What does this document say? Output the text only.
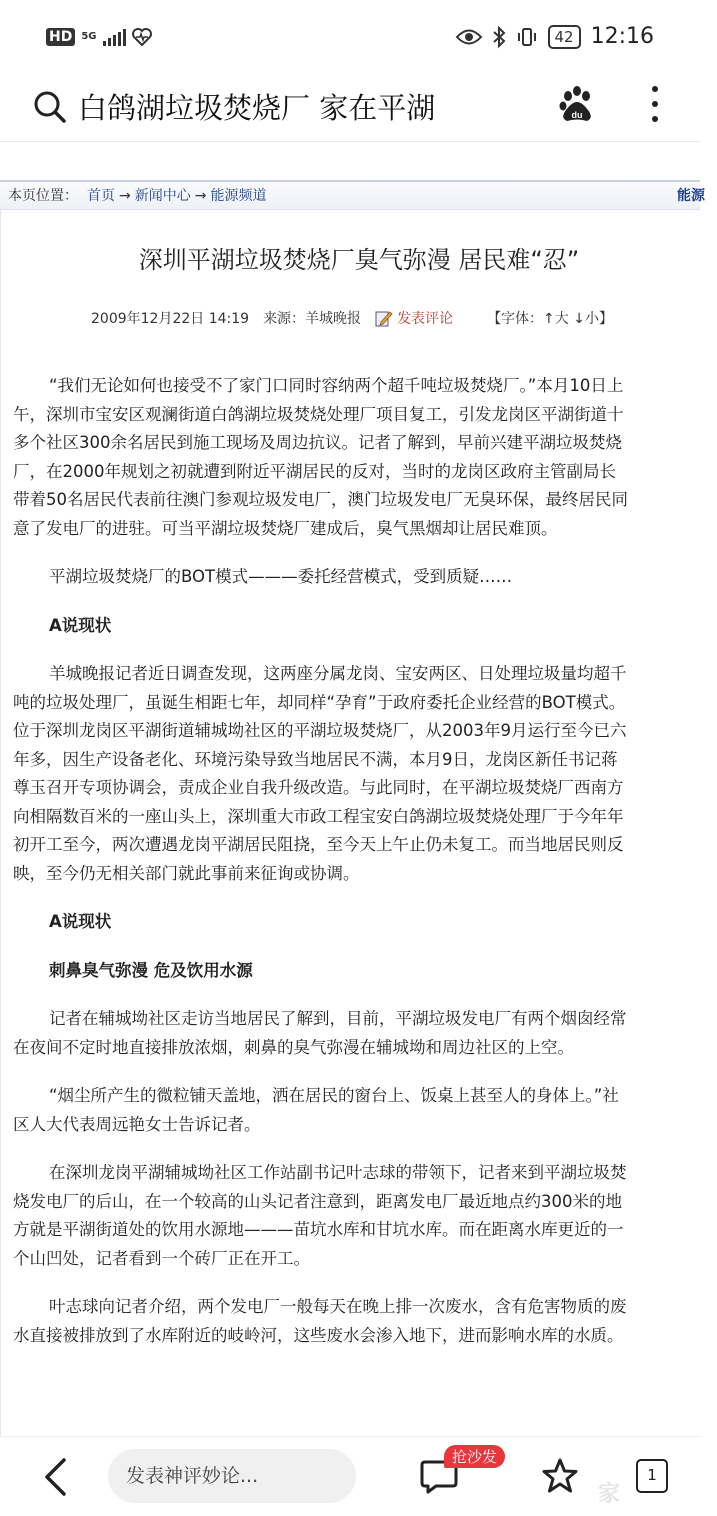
HD 5G	42 12:16
白鸽湖垃圾焚烧厂 家在平湖	du
本页位置： 首页 → 新闻中心 → 能源频道	能源
深圳平湖垃圾焚烧厂臭气弥漫 居民难“忍”
2009年12月22日 14:19 来源：羊城晚报	发表评论 【字体：↑大 ↓小】

“我们无论如何也接受不了家门口同时容纳两个超千吨垃圾焚烧厂。”本月10日上
午，深圳市宝安区观澜街道白鸽湖垃圾焚烧处理厂项目复工，引发龙岗区平湖街道十
多个社区300余名居民到施工现场及周边抗议。记者了解到，早前兴建平湖垃圾焚烧
厂，在2000年规划之初就遭到附近平湖居民的反对，当时的龙岗区政府主管副局长
带着50名居民代表前往澳门参观垃圾发电厂，澳门垃圾发电厂无臭环保，最终居民同
意了发电厂的进驻。可当平湖垃圾焚烧厂建成后，臭气黑烟却让居民难顶。

平湖垃圾焚烧厂的BOT模式———委托经营模式，受到质疑……

A说现状

羊城晚报记者近日调查发现，这两座分属龙岗、宝安两区、日处理垃圾量均超千
吨的垃圾处理厂，虽诞生相距七年，却同样“孕育”于政府委托企业经营的BOT模式。
位于深圳龙岗区平湖街道辅城坳社区的平湖垃圾焚烧厂，从2003年9月运行至今已六
年多，因生产设备老化、环境污染导致当地居民不满，本月9日，龙岗区新任书记蒋
尊玉召开专项协调会，责成企业自我升级改造。与此同时，在平湖垃圾焚烧厂西南方
向相隔数百米的一座山头上，深圳重大市政工程宝安白鸽湖垃圾焚烧处理厂于今年年
初开工至今，两次遭遇龙岗平湖居民阻挠，至今天上午止仍未复工。而当地居民则反
映，至今仍无相关部门就此事前来征询或协调。

A说现状

刺鼻臭气弥漫 危及饮用水源

记者在辅城坳社区走访当地居民了解到，目前，平湖垃圾发电厂有两个烟囱经常
在夜间不定时地直接排放浓烟，刺鼻的臭气弥漫在辅城坳和周边社区的上空。

“烟尘所产生的微粒铺天盖地，洒在居民的窗台上、饭桌上甚至人的身体上。”社
区人大代表周远艳女士告诉记者。

在深圳龙岗平湖辅城坳社区工作站副书记叶志球的带领下，记者来到平湖垃圾焚
烧发电厂的后山，在一个较高的山头记者注意到，距离发电厂最近地点约300米的地
方就是平湖街道处的饮用水源地———苗坑水库和甘坑水库。而在距离水库更近的一
个山凹处，记者看到一个砖厂正在开工。

叶志球向记者介绍，两个发电厂一般每天在晚上排一次废水，含有危害物质的废
水直接被排放到了水库附近的岐岭河，这些废水会渗入地下，进而影响水库的水质。

发表神评妙论...
抢沙发
1
家
